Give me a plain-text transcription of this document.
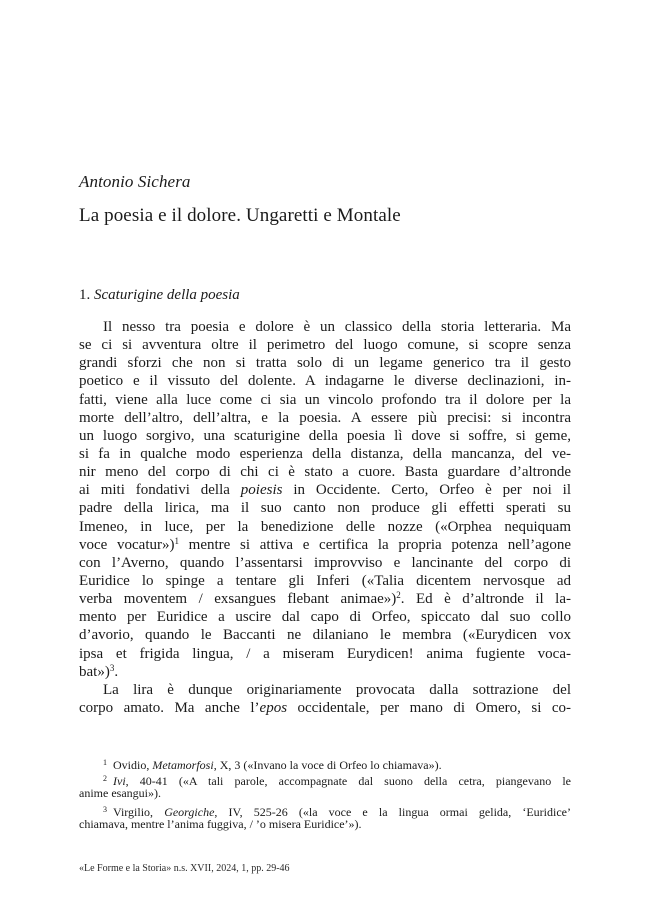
Antonio Sichera
La poesia e il dolore. Ungaretti e Montale
1. Scaturigine della poesia
Il nesso tra poesia e dolore è un classico della storia letteraria. Ma
se ci si avventura oltre il perimetro del luogo comune, si scopre senza
grandi sforzi che non si tratta solo di un legame generico tra il gesto
poetico e il vissuto del dolente. A indagarne le diverse declinazioni, in-
fatti, viene alla luce come ci sia un vincolo profondo tra il dolore per la
morte dell’altro, dell’altra, e la poesia. A essere più precisi: si incontra
un luogo sorgivo, una scaturigine della poesia lì dove si soffre, si geme,
si fa in qualche modo esperienza della distanza, della mancanza, del ve-
nir meno del corpo di chi ci è stato a cuore. Basta guardare d’altronde
ai miti fondativi della poiesis in Occidente. Certo, Orfeo è per noi il
padre della lirica, ma il suo canto non produce gli effetti sperati su
Imeneo, in luce, per la benedizione delle nozze («Orphea nequiquam
voce vocatur»)$^1$ mentre si attiva e certifica la propria potenza nell’agone
con l’Averno, quando l’assentarsi improvviso e lancinante del corpo di
Euridice lo spinge a tentare gli Inferi («Talia dicentem nervosque ad
verba moventem / exsangues flebant animae»)$^2$. Ed è d’altronde il la-
mento per Euridice a uscire dal capo di Orfeo, spiccato dal suo collo
d’avorio, quando le Baccanti ne dilaniano le membra («Eurydicen vox
ipsa et frigida lingua, / a miseram Eurydicen! anima fugiente voca-
bat»)$^3$.
La lira è dunque originariamente provocata dalla sottrazione del
corpo amato. Ma anche l’epos occidentale, per mano di Omero, si co-
$^1$ Ovidio, Metamorfosi, X, 3 («Invano la voce di Orfeo lo chiamava»).
$^2$ Ivi, 40-41 («A tali parole, accompagnate dal suono della cetra, piangevano le
anime esangui»).
$^3$ Virgilio, Georgiche, IV, 525-26 («la voce e la lingua ormai gelida, ‘Euridice’
chiamava, mentre l’anima fuggiva, / ’o misera Euridice’»).
«Le Forme e la Storia» n.s. XVII, 2024, 1, pp. 29-46
